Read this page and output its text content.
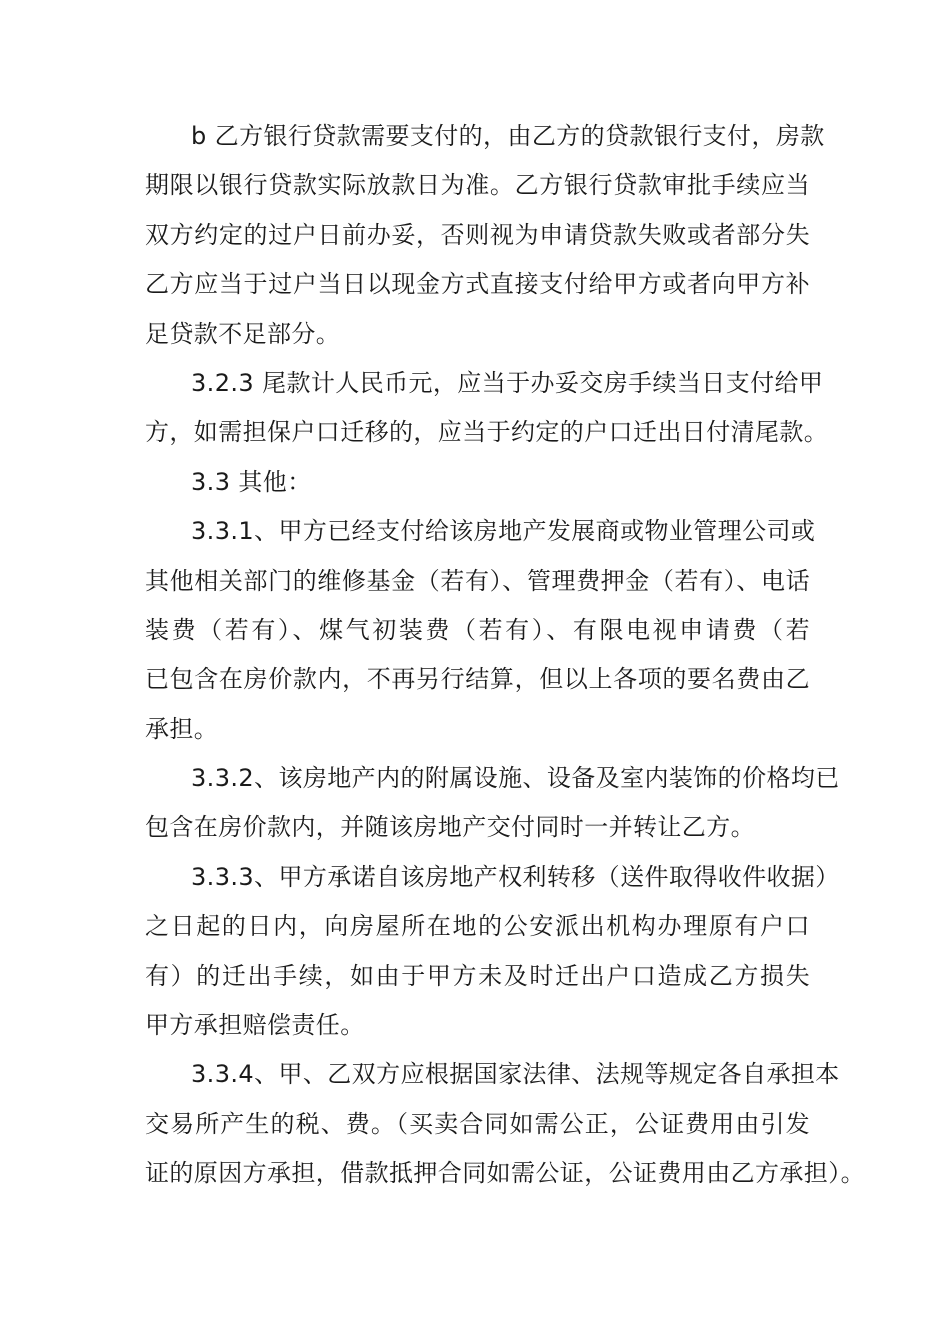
b 乙方银行贷款需要支付的，由乙方的贷款银行支付，房款
期限以银行贷款实际放款日为准。乙方银行贷款审批手续应当
双方约定的过户日前办妥，否则视为申请贷款失败或者部分失
乙方应当于过户当日以现金方式直接支付给甲方或者向甲方补
足贷款不足部分。
3.2.3 尾款计人民币元，应当于办妥交房手续当日支付给甲
方，如需担保户口迁移的，应当于约定的户口迁出日付清尾款。
3.3 其他：
3.3.1、甲方已经支付给该房地产发展商或物业管理公司或
其他相关部门的维修基金（若有）、管理费押金（若有）、电话
装费（若有）、煤气初装费（若有）、有限电视申请费（若
已包含在房价款内，不再另行结算，但以上各项的要名费由乙
承担。
3.3.2、该房地产内的附属设施、设备及室内装饰的价格均已
包含在房价款内，并随该房地产交付同时一并转让乙方。
3.3.3、甲方承诺自该房地产权利转移（送件取得收件收据）
之日起的日内，向房屋所在地的公安派出机构办理原有户口
有）的迁出手续，如由于甲方未及时迁出户口造成乙方损失
甲方承担赔偿责任。
3.3.4、甲、乙双方应根据国家法律、法规等规定各自承担本
交易所产生的税、费。（买卖合同如需公正，公证费用由引发
证的原因方承担，借款抵押合同如需公证，公证费用由乙方承担）。
